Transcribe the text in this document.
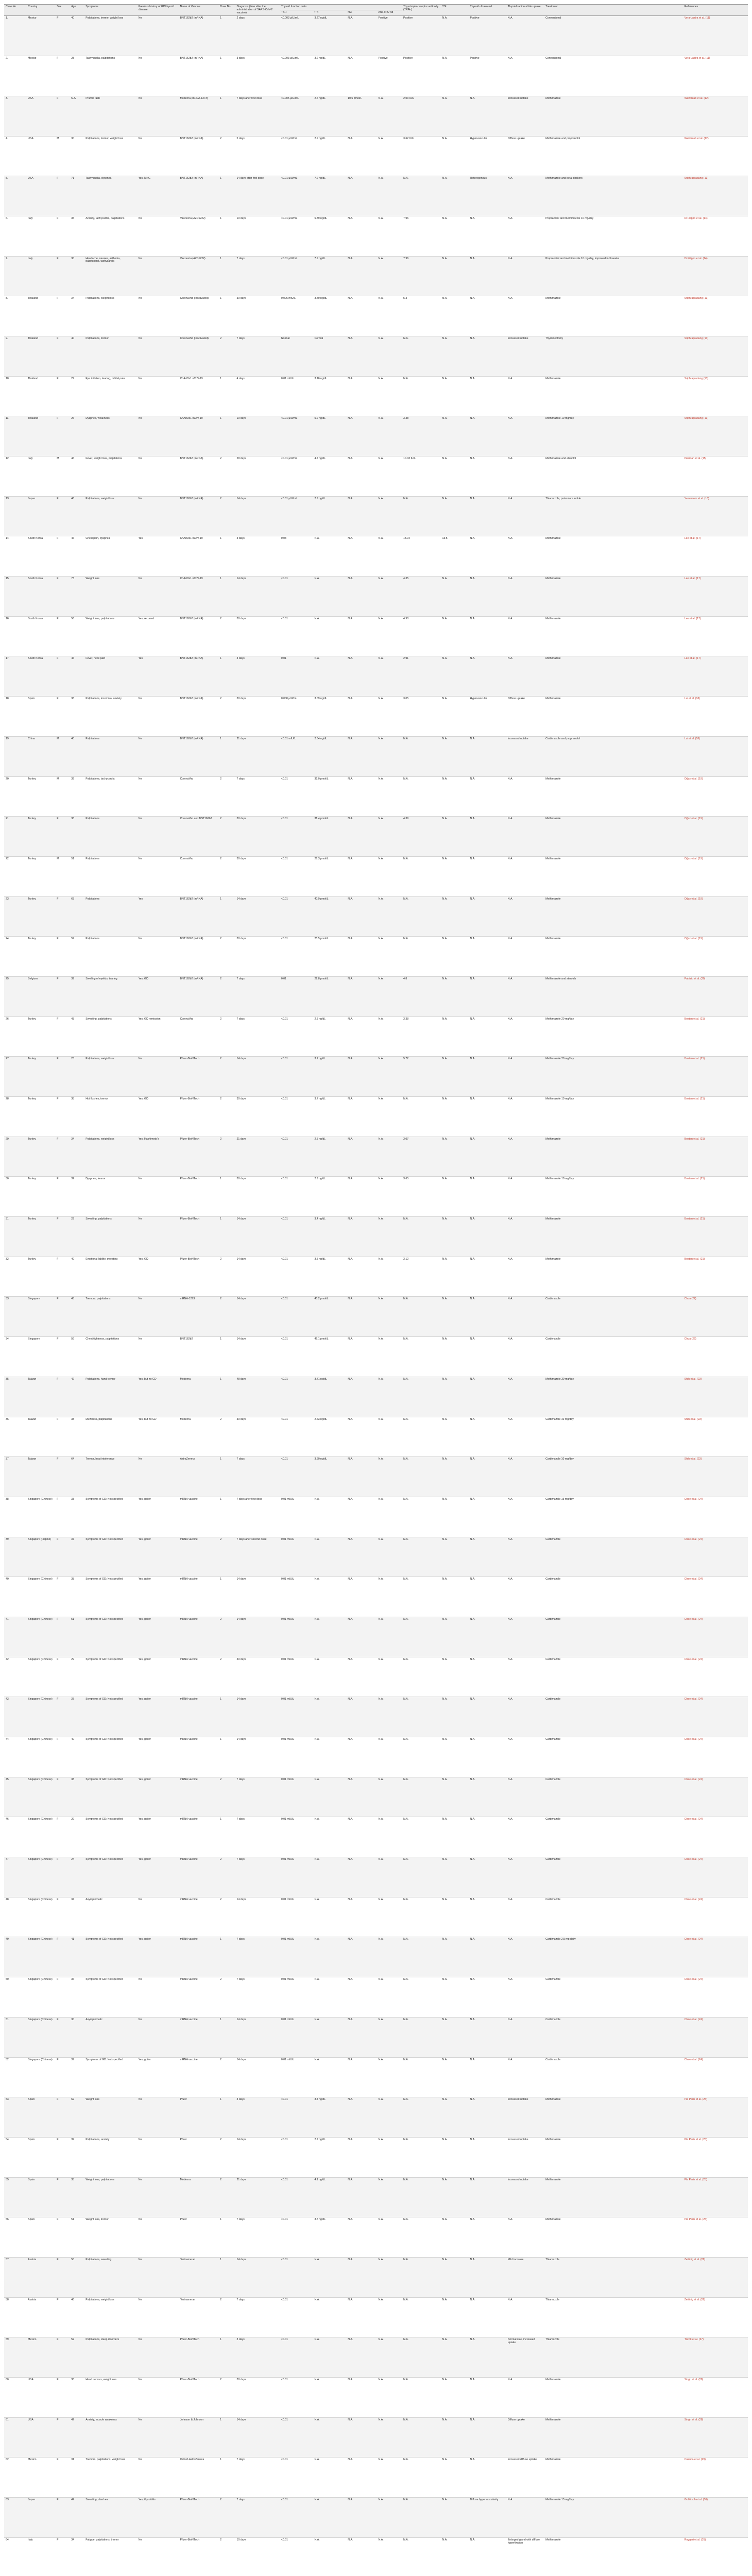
Case No.	Country	Sex	Age	Symptoms	Previous history of GD/thyroid disease	Name of Vaccine	Dose No.	Diagnosis (time after the administration of SARS-CoV-2 vaccine)	Thyroid function tests				Thyrotropin-receptor antibody (TRAb)	TSI	Thyroid ultrasound	Thyroid radionuclide uptake	Treatment	References
									TSH	fT4	fT3	Anti-TPO Ab						
1.	Mexico	F	40	Palpitations, tremor, weight loss	No	BNT162b2 (mRNA)	1	2 days	<0.003 μIU/mL	3.27 ng/dL	N.A.	Positive	Positive	N.A.	Positive	N.A.	Conventional	Vera-Lastra et al. (11)
2.	Mexico	F	28	Tachycardia, palpitations	No	BNT162b2 (mRNA)	1	3 days	<0.003 μIU/mL	3.2 ng/dL	N.A.	Positive	Positive	N.A.	Positive	N.A.	Conventional	Vera-Lastra et al. (11)
3.	USA	F	N.A.	Pruritic rash	No	Moderna (mRNA-1273)	1	7 days after first dose	<0.005 μIU/mL	2.6 ng/dL	10.5 pmol/L	N.A.	2.03 IU/L	N.A.	N.A.	Increased uptake	Methimazole	Weintraub et al. (12)
4.	USA	M	30	Palpitations, tremor, weight loss	No	BNT162b2 (mRNA)	2	5 days	<0.01 μIU/mL	2.9 ng/dL	N.A.	N.A.	3.62 IU/L	N.A.	Hypervascular	Diffuse uptake	Methimazole and propranolol	Weintraub et al. (12)
5.	USA	F	71	Tachycardia, dyspnea	Yes, MNG	BNT162b2 (mRNA)	1	14 days after first dose	<0.01 μIU/mL	7.2 ng/dL	N.A.	N.A.	N.A.	N.A.	Heterogenous	N.A.	Methimazole and beta blockers	Sriphrapradang (13)
6.	Italy	F	35	Anxiety, tachycardia, palpitations	No	Vaxzevria (AZD1222)	1	10 days	<0.01 μIU/mL	5.89 ng/dL	N.A.	N.A.	7.96	N.A.	N.A.	N.A.	Propranolol and methimazole 10 mg/day	Di Filippo et al. (14)
7.	Italy	F	30	Headache, nausea, asthenia, palpitations, tachycardia	No	Vaxzevria (AZD1222)	1	7 days	<0.01 μIU/mL	7.9 ng/dL	N.A.	N.A.	7.96	N.A.	N.A.	N.A.	Propranolol and methimazole 10 mg/day, improved in 3 weeks	Di Filippo et al. (14)
8.	Thailand	F	34	Palpitations, weight loss	No	CoronaVac (inactivated)	1	30 days	0.006 mIU/L	3.49 ng/dL	N.A.	N.A.	5.3	N.A.	N.A.	N.A.	Methimazole	Sriphrapradang (13)
9.	Thailand	F	40	Palpitations, tremor	No	CoronaVac (inactivated)	2	7 days	Normal	Normal	N.A.	N.A.	N.A.	N.A.	N.A.	Increased uptake	Thyroidectomy	Sriphrapradang (13)
10.	Thailand	F	29	Eye irritation, tearing, orbital pain	No	ChAdOx1 nCoV-19	1	4 days	0.01 mIU/L	3.16 ng/dL	N.A.	N.A.	N.A.	N.A.	N.A.	N.A.	Methimazole	Sriphrapradang (13)
11.	Thailand	F	26	Dyspnea, weakness	No	ChAdOx1 nCoV-19	1	10 days	<0.01 μIU/mL	5.2 ng/dL	N.A.	N.A.	3.38	N.A.	N.A.	N.A.	Methimazole 10 mg/day	Sriphrapradang (13)
12.	Italy	M	46	Fever, weight loss, palpitations	No	BNT162b2 (mRNA)	2	28 days	<0.01 μIU/mL	4.7 ng/dL	N.A.	N.A.	10.03 IU/L	N.A.	N.A.	N.A.	Methimazole and atenolol	Pierman et al. (15)
13.	Japan	F	46	Palpitations, weight loss	No	BNT162b2 (mRNA)	2	14 days	<0.01 μIU/mL	2.9 ng/dL	N.A.	N.A.	N.A.	N.A.	N.A.	N.A.	Thiamazole, potassium iodide	Yamamoto et al. (16)
14.	South Korea	F	46	Chest pain, dyspnea	Yes	ChAdOx1 nCoV-19	1	3 days	0.03	N.A.	N.A.	N.A.	13.72	13.5	N.A.	N.A.	Methimazole	Lee et al. (17)
15.	South Korea	F	73	Weight loss	No	ChAdOx1 nCoV-19	1	14 days	<0.01	N.A.	N.A.	N.A.	4.35	N.A.	N.A.	N.A.	Methimazole	Lee et al. (17)
16.	South Korea	F	56	Weight loss, palpitations	Yes, recurred	BNT162b2 (mRNA)	2	30 days	<0.01	N.A.	N.A.	N.A.	4.90	N.A.	N.A.	N.A.	Methimazole	Lee et al. (17)
17.	South Korea	F	46	Fever, neck pain	Yes	BNT162b2 (mRNA)	1	3 days	0.01	N.A.	N.A.	N.A.	2.91	N.A.	N.A.	N.A.	Methimazole	Lee et al. (17)
18.	Spain	F	38	Palpitations, insomnia, anxiety	No	BNT162b2 (mRNA)	2	30 days	0.008 μIU/mL	3.09 ng/dL	N.A.	N.A.	3.05	N.A.	Hypervascular	Diffuse uptake	Methimazole	Lui et al. (18)
19.	China	M	40	Palpitations	No	BNT162b2 (mRNA)	1	21 days	<0.01 mIU/L	2.64 ng/dL	N.A.	N.A.	N.A.	N.A.	N.A.	Increased uptake	Carbimazole and propranolol	Lui et al. (18)
20.	Turkey	M	39	Palpitations, tachycardia	No	CoronaVac	2	7 days	<0.01	32.0 pmol/L	N.A.	N.A.	N.A.	N.A.	N.A.	N.A.	Methimazole	Oğuz et al. (19)
21.	Turkey	F	38	Palpitations	No	CoronaVac and BNT162b2	2	30 days	<0.01	31.4 pmol/L	N.A.	N.A.	4.39	N.A.	N.A.	N.A.	Methimazole	Oğuz et al. (19)
22.	Turkey	M	51	Palpitations	No	CoronaVac	2	30 days	<0.01	26.3 pmol/L	N.A.	N.A.	N.A.	N.A.	N.A.	N.A.	Methimazole	Oğuz et al. (19)
23.	Turkey	F	63	Palpitations	Yes	BNT162b2 (mRNA)	1	14 days	<0.01	40.9 pmol/L	N.A.	N.A.	N.A.	N.A.	N.A.	N.A.	Methimazole	Oğuz et al. (19)
24.	Turkey	F	59	Palpitations	No	BNT162b2 (mRNA)	2	30 days	<0.01	25.5 pmol/L	N.A.	N.A.	N.A.	N.A.	N.A.	N.A.	Methimazole	Oğuz et al. (19)
25.	Belgium	F	39	Swelling of eyelids, tearing	Yes, GD	BNT162b2 (mRNA)	2	7 days	0.01	22.8 pmol/L	N.A.	N.A.	4.8	N.A.	N.A.	N.A.	Methimazole and steroids	Patrizio et al. (20)
26.	Turkey	F	43	Sweating, palpitations	Yes, GD remission	CoronaVac	2	7 days	<0.01	2.8 ng/dL	N.A.	N.A.	3.38	N.A.	N.A.	N.A.	Methimazole 20 mg/day	Bostan et al. (21)
27.	Turkey	F	23	Palpitations, weight loss	No	Pfizer-BioNTech	2	14 days	<0.01	3.2 ng/dL	N.A.	N.A.	5.72	N.A.	N.A.	N.A.	Methimazole 20 mg/day	Bostan et al. (21)
28.	Turkey	F	38	Hot flushes, tremor	Yes, GD	Pfizer-BioNTech	2	30 days	<0.01	3.7 ng/dL	N.A.	N.A.	N.A.	N.A.	N.A.	N.A.	Methimazole 10 mg/day	Bostan et al. (21)
29.	Turkey	F	34	Palpitations, weight loss	Yes, Hashimoto's	Pfizer-BioNTech	2	21 days	<0.01	2.5 ng/dL	N.A.	N.A.	3.07	N.A.	N.A.	N.A.	Methimazole	Bostan et al. (21)
30.	Turkey	F	32	Dyspnea, tremor	No	Pfizer-BioNTech	1	30 days	<0.01	2.9 ng/dL	N.A.	N.A.	3.65	N.A.	N.A.	N.A.	Methimazole 10 mg/day	Bostan et al. (21)
31.	Turkey	F	29	Sweating, palpitations	No	Pfizer-BioNTech	1	14 days	<0.01	3.4 ng/dL	N.A.	N.A.	N.A.	N.A.	N.A.	N.A.	Methimazole	Bostan et al. (21)
32.	Turkey	F	40	Emotional lability, sweating	Yes, GD	Pfizer-BioNTech	2	14 days	<0.01	3.5 ng/dL	N.A.	N.A.	3.12	N.A.	N.A.	N.A.	Methimazole	Bostan et al. (21)
33.	Singapore	F	43	Tremors, palpitations	No	mRNA-1273	2	14 days	<0.01	40.2 pmol/L	N.A.	N.A.	N.A.	N.A.	N.A.	N.A.	Carbimazole	Chua (22)
34.	Singapore	F	56	Chest tightness, palpitations	No	BNT162b2	1	14 days	<0.01	46.1 pmol/L	N.A.	N.A.	N.A.	N.A.	N.A.	N.A.	Carbimazole	Chua (22)
35.	Taiwan	F	42	Palpitations, hand tremor	Yes, but no GD	Moderna	1	48 days	<0.01	3.71 ng/dL	N.A.	N.A.	N.A.	N.A.	N.A.	N.A.	Methimazole 30 mg/day	Shih et al. (23)
36.	Taiwan	F	38	Dizziness, palpitations	Yes, but no GD	Moderna	2	30 days	<0.01	2.63 ng/dL	N.A.	N.A.	N.A.	N.A.	N.A.	N.A.	Carbimazole 10 mg/day	Shih et al. (23)
37.	Taiwan	F	64	Tremor, heat intolerance	No	AstraZeneca	1	7 days	<0.01	3.60 ng/dL	N.A.	N.A.	N.A.	N.A.	N.A.	N.A.	Carbimazole 10 mg/day	Shih et al. (23)
38.	Singapore (Chinese)	F	33	Symptoms of GD: Not specified	Yes, goiter	mRNA vaccine	1	7 days after first dose	0.01 mIU/L	N.A.	N.A.	N.A.	N.A.	N.A.	N.A.	N.A.	Carbimazole 15 mg/day	Chee et al. (24)
39.	Singapore (Filipino)	F	37	Symptoms of GD: Not specified	Yes, goiter	mRNA vaccine	2	7 days after second dose	0.01 mIU/L	N.A.	N.A.	N.A.	N.A.	N.A.	N.A.	N.A.	Carbimazole	Chee et al. (24)
40.	Singapore (Chinese)	F	38	Symptoms of GD: Not specified	Yes, goiter	mRNA vaccine	1	14 days	0.01 mIU/L	N.A.	N.A.	N.A.	N.A.	N.A.	N.A.	N.A.	Carbimazole	Chee et al. (24)
41.	Singapore (Chinese)	F	51	Symptoms of GD: Not specified	Yes, goiter	mRNA vaccine	2	14 days	0.01 mIU/L	N.A.	N.A.	N.A.	N.A.	N.A.	N.A.	N.A.	Carbimazole	Chee et al. (24)
42.	Singapore (Chinese)	F	29	Symptoms of GD: Not specified	Yes, goiter	mRNA vaccine	2	30 days	0.01 mIU/L	N.A.	N.A.	N.A.	N.A.	N.A.	N.A.	N.A.	Carbimazole	Chee et al. (24)
43.	Singapore (Chinese)	F	37	Symptoms of GD: Not specified	Yes, goiter	mRNA vaccine	1	14 days	0.01 mIU/L	N.A.	N.A.	N.A.	N.A.	N.A.	N.A.	N.A.	Carbimazole	Chee et al. (24)
44.	Singapore (Chinese)	F	40	Symptoms of GD: Not specified	Yes, goiter	mRNA vaccine	1	14 days	0.01 mIU/L	N.A.	N.A.	N.A.	N.A.	N.A.	N.A.	N.A.	Carbimazole	Chee et al. (24)
45.	Singapore (Chinese)	F	38	Symptoms of GD: Not specified	Yes, goiter	mRNA vaccine	2	7 days	0.01 mIU/L	N.A.	N.A.	N.A.	N.A.	N.A.	N.A.	N.A.	Carbimazole	Chee et al. (24)
46.	Singapore (Chinese)	F	29	Symptoms of GD: Not specified	Yes, goiter	mRNA vaccine	1	7 days	0.01 mIU/L	N.A.	N.A.	N.A.	N.A.	N.A.	N.A.	N.A.	Carbimazole	Chee et al. (24)
47.	Singapore (Chinese)	F	24	Symptoms of GD: Not specified	Yes, goiter	mRNA vaccine	2	7 days	0.01 mIU/L	N.A.	N.A.	N.A.	N.A.	N.A.	N.A.	N.A.	Carbimazole	Chee et al. (24)
48.	Singapore (Chinese)	F	34	Asymptomatic	No	mRNA vaccine	2	14 days	0.01 mIU/L	N.A.	N.A.	N.A.	N.A.	N.A.	N.A.	N.A.	Carbimazole	Chee et al. (24)
49.	Singapore (Chinese)	F	41	Symptoms of GD: Not specified	Yes, goiter	mRNA vaccine	1	7 days	0.01 mIU/L	N.A.	N.A.	N.A.	N.A.	N.A.	N.A.	N.A.	Carbimazole 2.5 mg daily	Chee et al. (24)
50.	Singapore (Chinese)	F	36	Symptoms of GD: Not specified	No	mRNA vaccine	2	7 days	0.01 mIU/L	N.A.	N.A.	N.A.	N.A.	N.A.	N.A.	N.A.	Carbimazole	Chee et al. (24)
51.	Singapore (Chinese)	F	30	Asymptomatic	No	mRNA vaccine	1	14 days	0.01 mIU/L	N.A.	N.A.	N.A.	N.A.	N.A.	N.A.	N.A.	Carbimazole	Chee et al. (24)
52.	Singapore (Chinese)	F	37	Symptoms of GD: Not specified	Yes, goiter	mRNA vaccine	2	14 days	0.01 mIU/L	N.A.	N.A.	N.A.	N.A.	N.A.	N.A.	N.A.	Carbimazole	Chee et al. (24)
53.	Spain	F	62	Weight loss	No	Pfizer	1	3 days	<0.01	3.4 ng/dL	N.A.	N.A.	N.A.	N.A.	N.A.	Increased uptake	Methimazole	Pla Peris et al. (25)
54.	Spain	F	39	Palpitations, anxiety	No	Pfizer	2	14 days	<0.01	2.7 ng/dL	N.A.	N.A.	N.A.	N.A.	N.A.	Increased uptake	Methimazole	Pla Peris et al. (25)
55.	Spain	F	35	Weight loss, palpitations	No	Moderna	2	21 days	<0.01	4.1 ng/dL	N.A.	N.A.	N.A.	N.A.	N.A.	Increased uptake	Methimazole	Pla Peris et al. (25)
56.	Spain	F	51	Weight loss, tremor	No	Pfizer	1	7 days	<0.01	3.5 ng/dL	N.A.	N.A.	N.A.	N.A.	N.A.	N.A.	Methimazole	Pla Peris et al. (25)
57.	Austria	F	50	Palpitations, sweating	No	Tozinameran	1	14 days	<0.01	N.A.	N.A.	N.A.	N.A.	N.A.	N.A.	Mild increase	Thiamazole	Zettinig et al. (26)
58.	Austria	F	46	Palpitations, weight loss	No	Tozinameran	2	7 days	<0.01	N.A.	N.A.	N.A.	N.A.	N.A.	N.A.	N.A.	Thiamazole	Zettinig et al. (26)
59.	Mexico	F	52	Palpitations, sleep disorders	No	Pfizer-BioNTech	1	3 days	<0.01	N.A.	N.A.	N.A.	N.A.	N.A.	N.A.	Normal size, increased uptake	Thiamazole	Trevik et al. (27)
60.	USA	F	38	Hand tremors, weight loss	No	Pfizer-BioNTech	2	30 days	<0.01	N.A.	N.A.	N.A.	N.A.	N.A.	N.A.	N.A.	Methimazole	Singh et al. (28)
61.	USA	F	42	Anxiety, muscle weakness	No	Johnson & Johnson	1	14 days	<0.01	N.A.	N.A.	N.A.	N.A.	N.A.	N.A.	Diffuse uptake	Methimazole	Singh et al. (28)
62.	Mexico	F	31	Tremors, palpitations, weight loss	No	Oxford-AstraZeneca	1	7 days	<0.01	N.A.	N.A.	N.A.	N.A.	N.A.	N.A.	Increased diffuse uptake	Methimazole	Cuenca et al. (29)
63.	Japan	F	42	Sweating, diarrhea	Yes, thyroiditis	Pfizer-BioNTech	2	7 days	<0.01	N.A.	N.A.	N.A.	N.A.	N.A.	Diffuse hypervascularity	N.A.	Methimazole 15 mg/day	Goblirsch et al. (30)
64.	Italy	F	34	Fatigue, palpitations, tremor	No	Pfizer-BioNTech	2	10 days	<0.01	N.A.	N.A.	N.A.	N.A.	N.A.	N.A.	Enlarged gland with diffuse hyperfixation	Methimazole	Ruggeri et al. (31)
